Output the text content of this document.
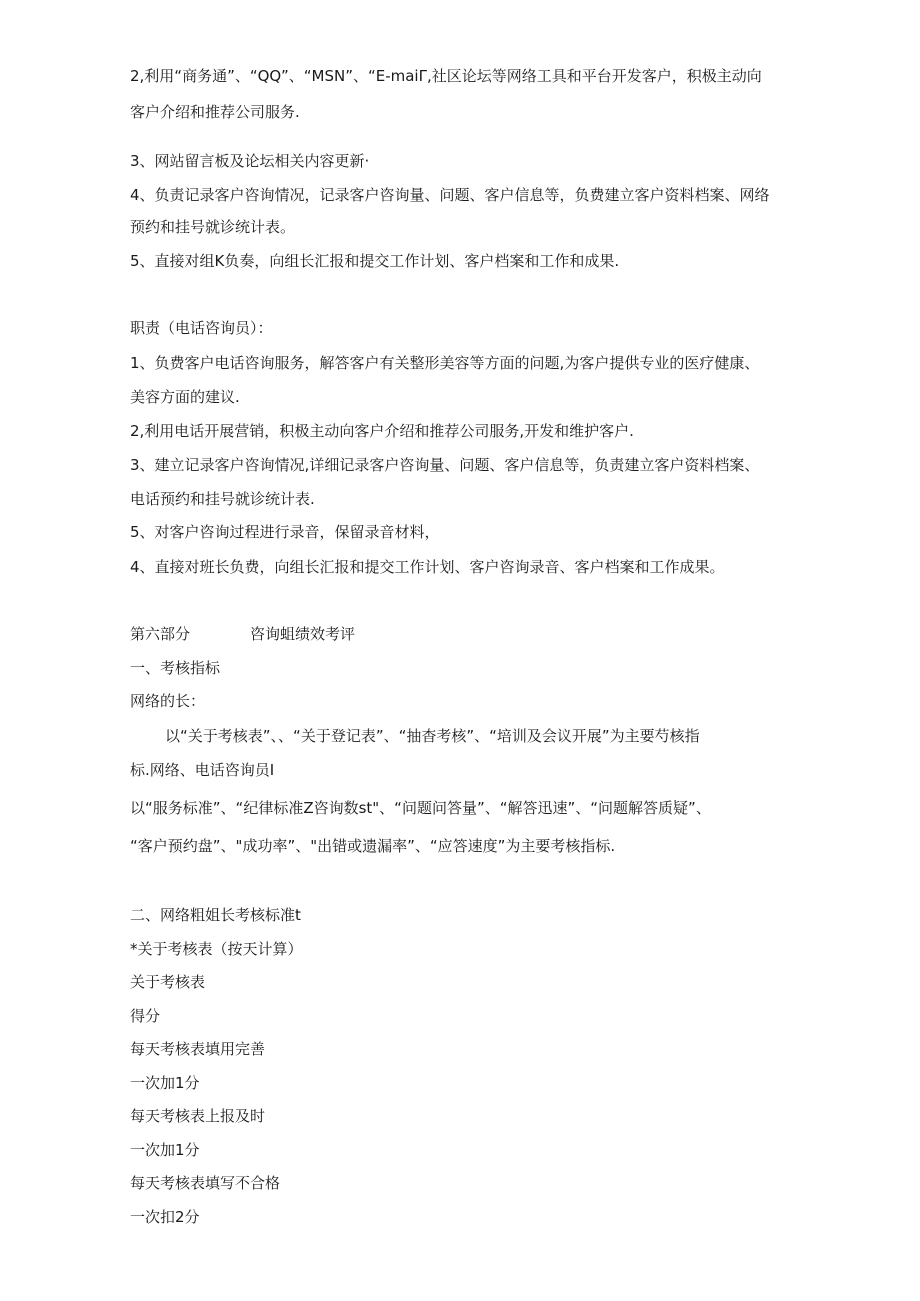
2,利用“商务通”、“QQ”、“MSN”、“E-maiΓ,社区论坛等网络工具和平台开发客户，积极主动向
客户介绍和推荐公司服务.
3、网站留言板及论坛相关内容更新·
4、负责记录客户咨询情况，记录客户咨询量、问题、客户信息等，负费建立客户资料档案、网络
预约和挂号就诊统计表。
5、直接对组K负奏，向组长汇报和提交工作计划、客户档案和工作和成果.
职责（电话咨询员）：
1、负费客户电话咨询服务，解答客户有关整形美容等方面的问题,为客户提供专业的医疗健康、
美容方面的建议.
2,利用电话开展营销，积极主动向客户介绍和推荐公司服务,开发和维护客户.
3、建立记录客户咨询情况,详细记录客户咨询量、问题、客户信息等，负责建立客户资料档案、
电话预约和挂号就诊统计表.
5、对客户咨询过程进行录音，保留录音材料，
4、直接对班长负费，向组长汇报和提交工作计划、客户咨询录音、客户档案和工作成果。
第六部分	咨询蛆绩效考评
一、考核指标
网络的长：
以“关于考核表”、、“关于登记表”、“抽杳考核”、“培训及会议开展”为主要芍核指
标.网络、电话咨询员I
以“服务标准”、“纪律标准Z咨询数st"、“问题问答量”、“解答迅速”、“问题解答质疑”、
“客户预约盘”、"成功率”、"出错或遗漏率”、“应答速度”为主要考核指标.
二、网络粗姐长考核标准t
*关于考核表（按天计算）
关于考核表
得分
每天考核表填用完善
一次加1分
每天考核表上报及时
一次加1分
每天考核表填写不合格
一次扣2分
